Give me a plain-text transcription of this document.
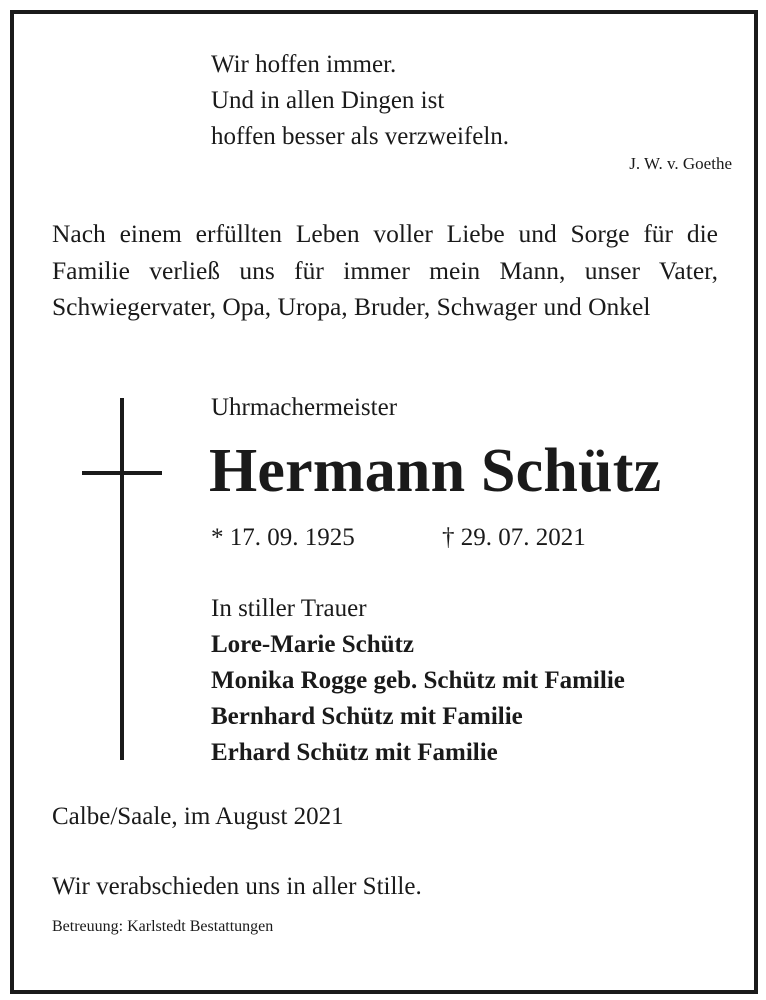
Wir hoffen immer.
Und in allen Dingen ist
hoffen besser als verzweifeln.
J. W. v. Goethe
Nach einem erfüllten Leben voller Liebe und Sorge für die Familie verließ uns für immer mein Mann, unser Vater, Schwiegervater, Opa, Uropa, Bruder, Schwager und Onkel
Uhrmachermeister
Hermann Schütz
* 17. 09. 1925	† 29. 07. 2021
In stiller Trauer
Lore-Marie Schütz
Monika Rogge geb. Schütz mit Familie
Bernhard Schütz mit Familie
Erhard Schütz mit Familie
Calbe/Saale, im August 2021
Wir verabschieden uns in aller Stille.
Betreuung: Karlstedt Bestattungen
